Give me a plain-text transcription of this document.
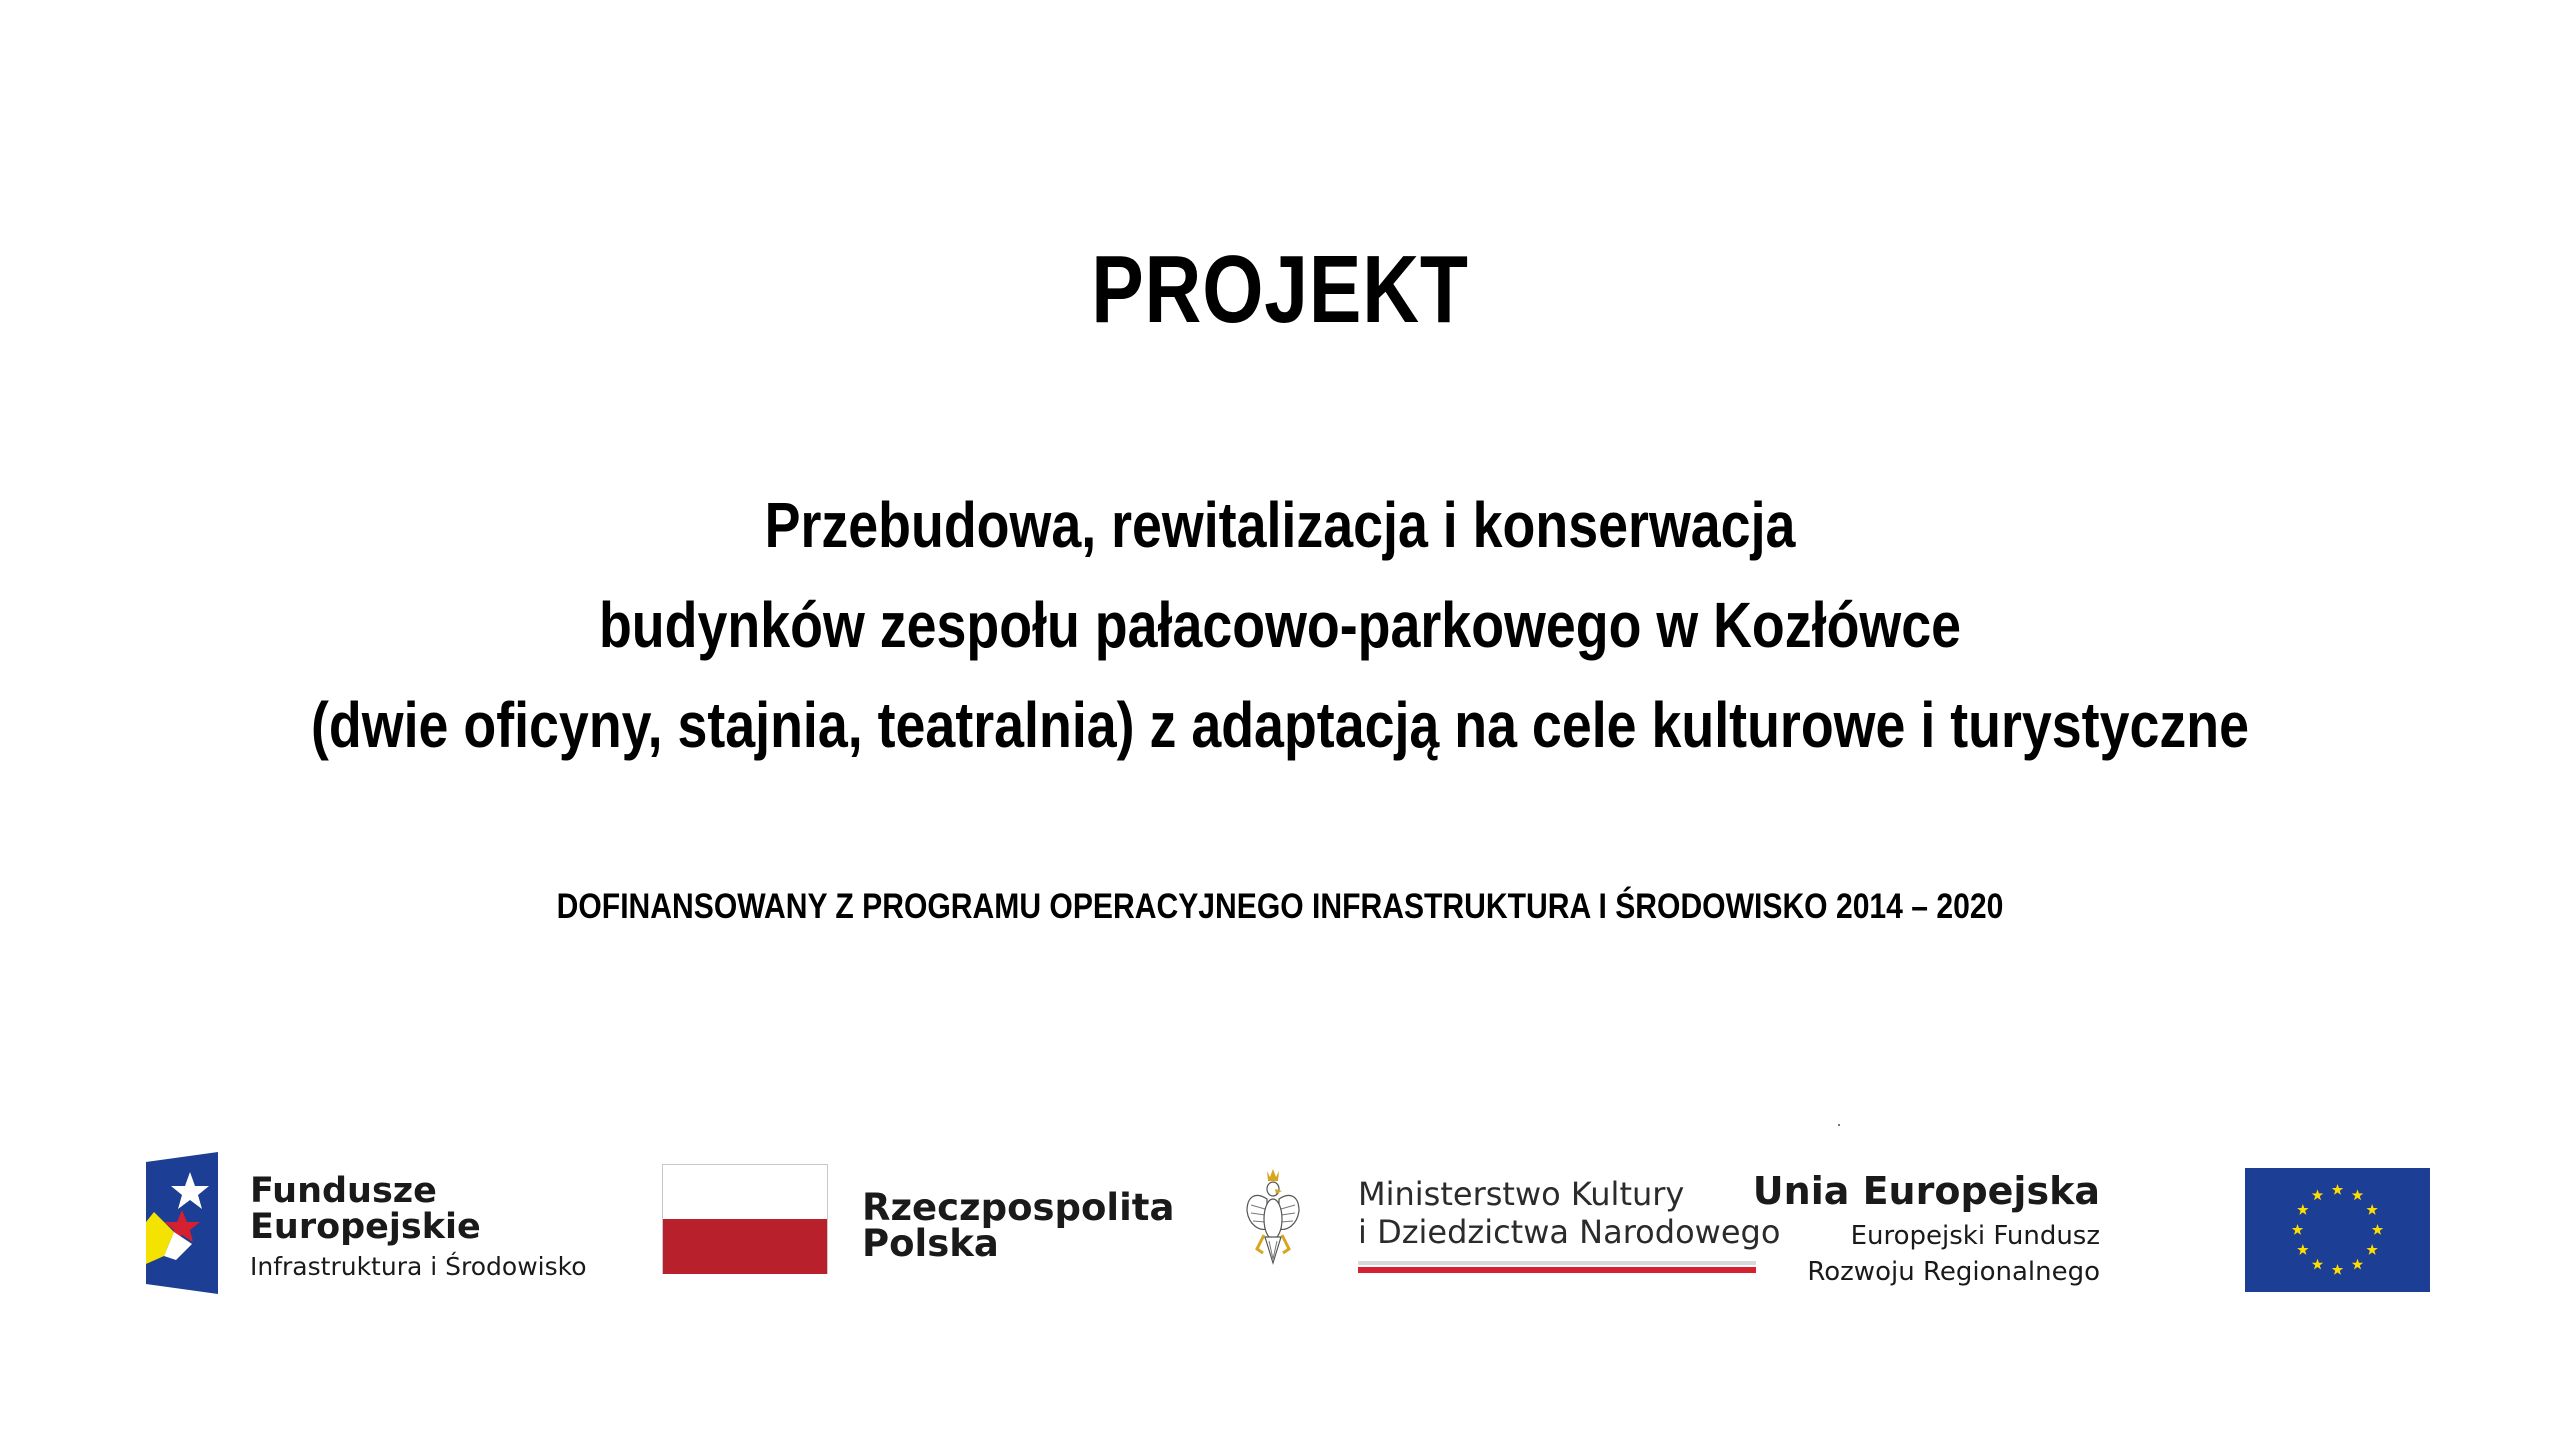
PROJEKT
Przebudowa, rewitalizacja i konserwacja
budynków zespołu pałacowo-parkowego w Kozłówce
(dwie oficyny, stajnia, teatralnia) z adaptacją na cele kulturowe i turystyczne
DOFINANSOWANY Z PROGRAMU OPERACYJNEGO INFRASTRUKTURA I ŚRODOWISKO 2014 – 2020
Fundusze
Europejskie
Infrastruktura i Środowisko
Rzeczpospolita
Polska
Ministerstwo Kultury
i Dziedzictwa Narodowego
Unia Europejska
Europejski Fundusz
Rozwoju Regionalnego
